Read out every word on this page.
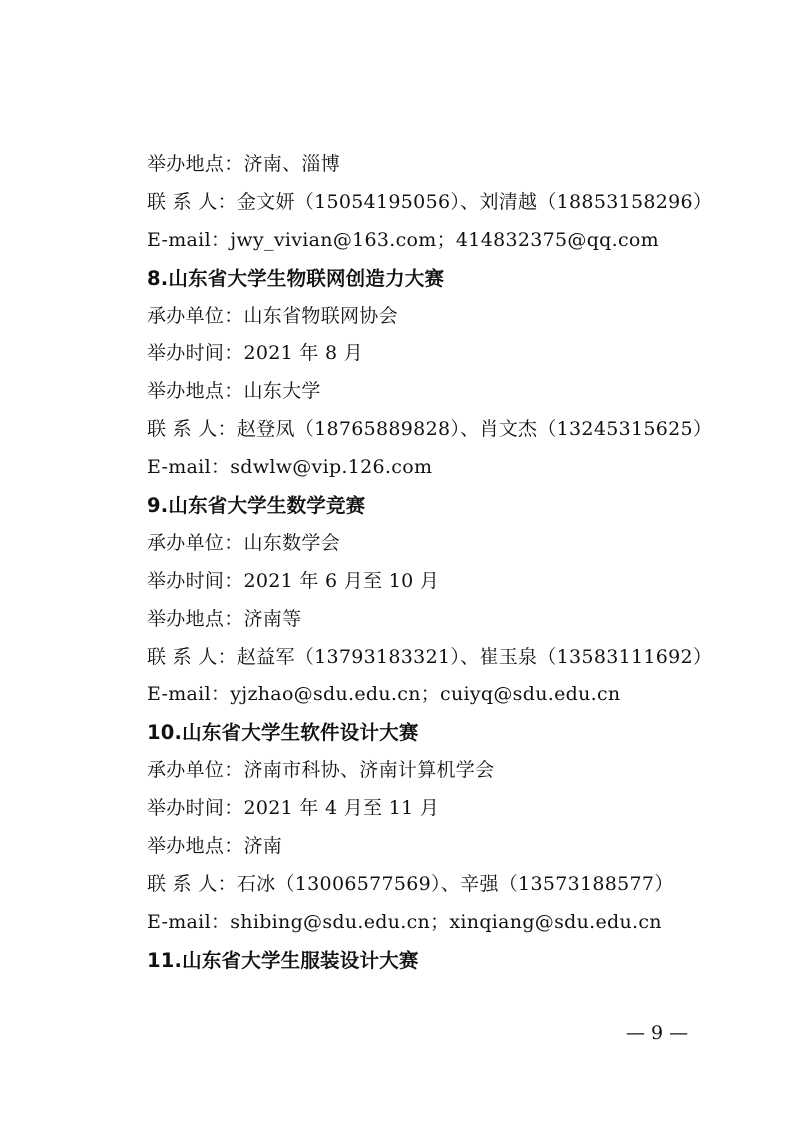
举办地点：济南、淄博
联 系 人：金文妍（15054195056）、刘清越（18853158296）
E-mail：jwy_vivian@163.com；414832375@qq.com
8.山东省大学生物联网创造力大赛
承办单位：山东省物联网协会
举办时间：2021 年 8 月
举办地点：山东大学
联 系 人：赵登凤（18765889828）、肖文杰（13245315625）
E-mail：sdwlw@vip.126.com
9.山东省大学生数学竞赛
承办单位：山东数学会
举办时间：2021 年 6 月至 10 月
举办地点：济南等
联 系 人：赵益军（13793183321）、崔玉泉（13583111692）
E-mail：yjzhao@sdu.edu.cn；cuiyq@sdu.edu.cn
10.山东省大学生软件设计大赛
承办单位：济南市科协、济南计算机学会
举办时间：2021 年 4 月至 11 月
举办地点：济南
联 系 人：石冰（13006577569）、辛强（13573188577）
E-mail：shibing@sdu.edu.cn；xinqiang@sdu.edu.cn
11.山东省大学生服装设计大赛
— 9 —
